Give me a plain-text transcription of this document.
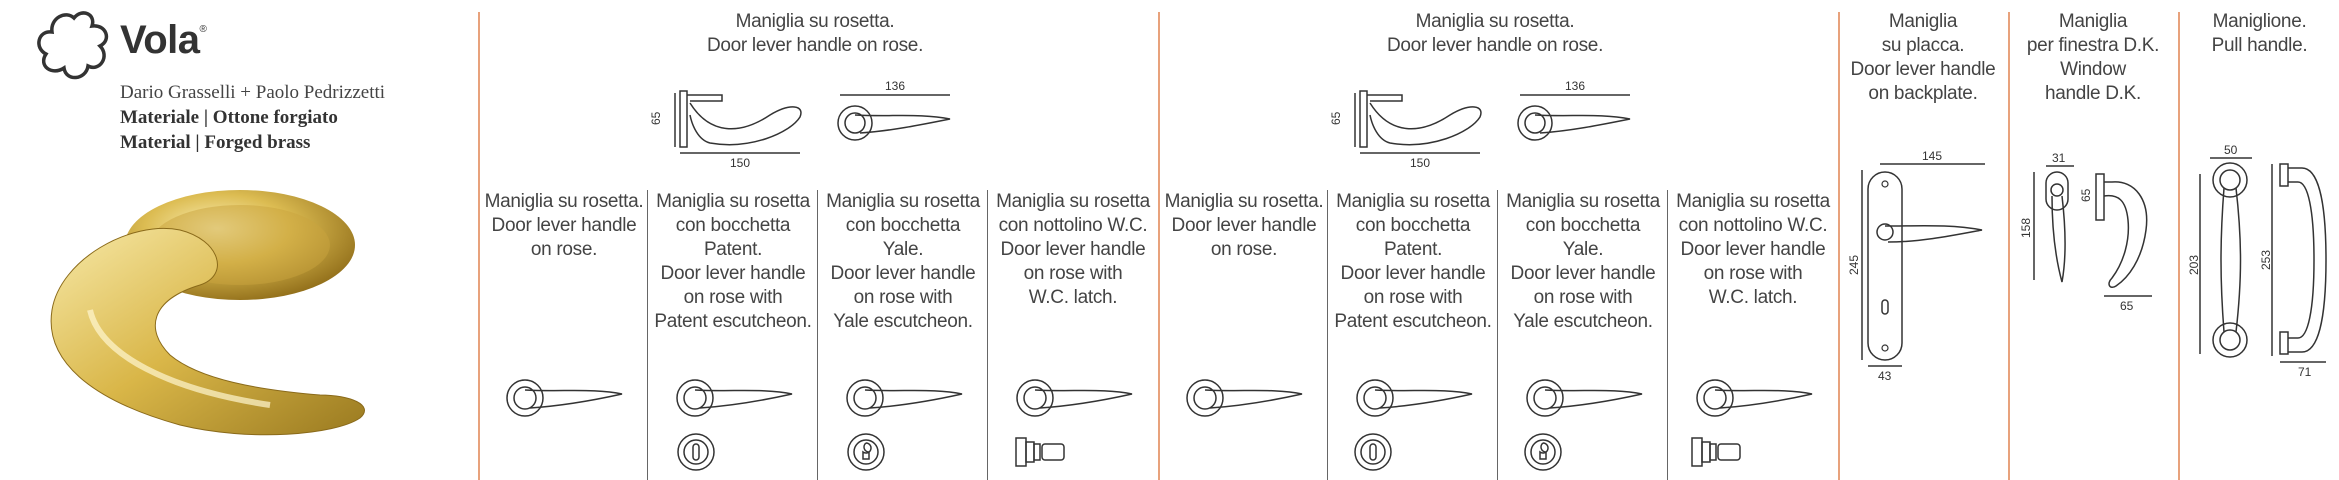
Vola®
Dario Grasselli + Paolo Pedrizzetti
Materiale | Ottone forgiato
Material | Forged brass
Maniglia su rosetta.
Door lever handle on rose.
Maniglia su rosetta.
Door lever handle on rose.
Maniglia
su placca.
Door lever handle
on backplate.
Maniglia
per finestra D.K.
Window
handle D.K.
Maniglione.
Pull handle.
65
150
136
65
150
136
Maniglia su rosetta.
Door lever handle
on rose.
Maniglia su rosetta
con bocchetta
Patent.
Door lever handle
on rose with
Patent escutcheon.
Maniglia su rosetta
con bocchetta
Yale.
Door lever handle
on rose with
Yale escutcheon.
Maniglia su rosetta
con nottolino W.C.
Door lever handle
on rose with
W.C. latch.
Maniglia su rosetta.
Door lever handle
on rose.
Maniglia su rosetta
con bocchetta
Patent.
Door lever handle
on rose with
Patent escutcheon.
Maniglia su rosetta
con bocchetta
Yale.
Door lever handle
on rose with
Yale escutcheon.
Maniglia su rosetta
con nottolino W.C.
Door lever handle
on rose with
W.C. latch.
145
245
43
31
158
65
65
50
203	253
71
